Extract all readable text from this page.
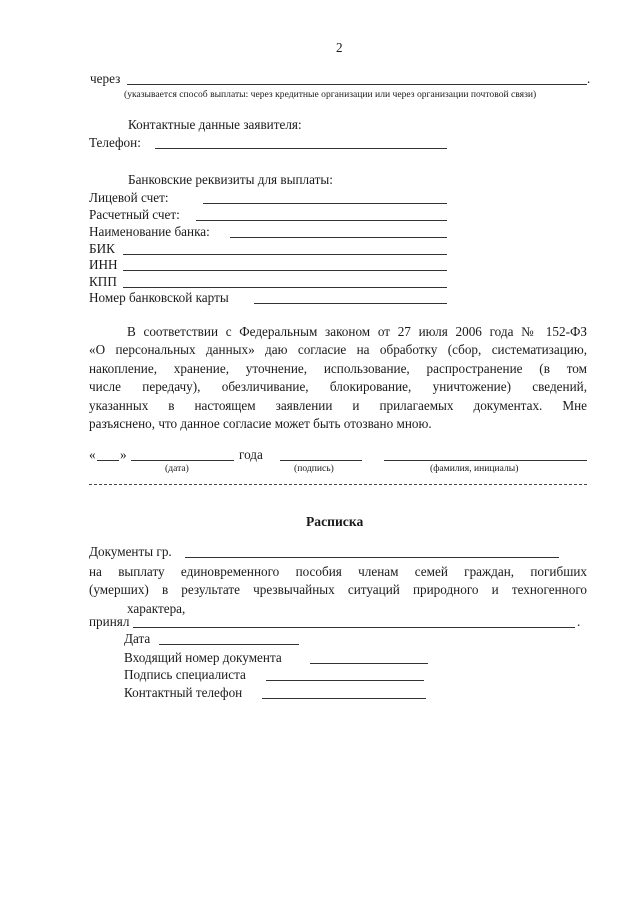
2
через	.
(указывается способ выплаты: через кредитные организации или через организации почтовой связи)
Контактные данные заявителя:
Телефон:
Банковские реквизиты для выплаты:
Лицевой счет:
Расчетный счет:
Наименование банка:
БИК
ИНН
КПП
Номер банковской карты

В соответствии с Федеральным законом от 27 июля 2006 года № 152-ФЗ

«О персональных данных» даю согласие на обработку (сбор, систематизацию,

накопление, хранение, уточнение, использование, распространение (в том

числе передачу), обезличивание, блокирование, уничтожение) сведений,

указанных в настоящем заявлении и прилагаемых документах. Мне

разъяснено, что данное согласие может быть отозвано мною.

« »	года
(дата)	(подпись)	(фамилия, инициалы)
Расписка
Документы гр.

на выплату единовременного пособия членам семей граждан, погибших

(умерших) в результате чрезвычайных ситуаций природного и техногенного

характера,

принял	.
Дата
Входящий номер документа
Подпись специалиста
Контактный телефон
